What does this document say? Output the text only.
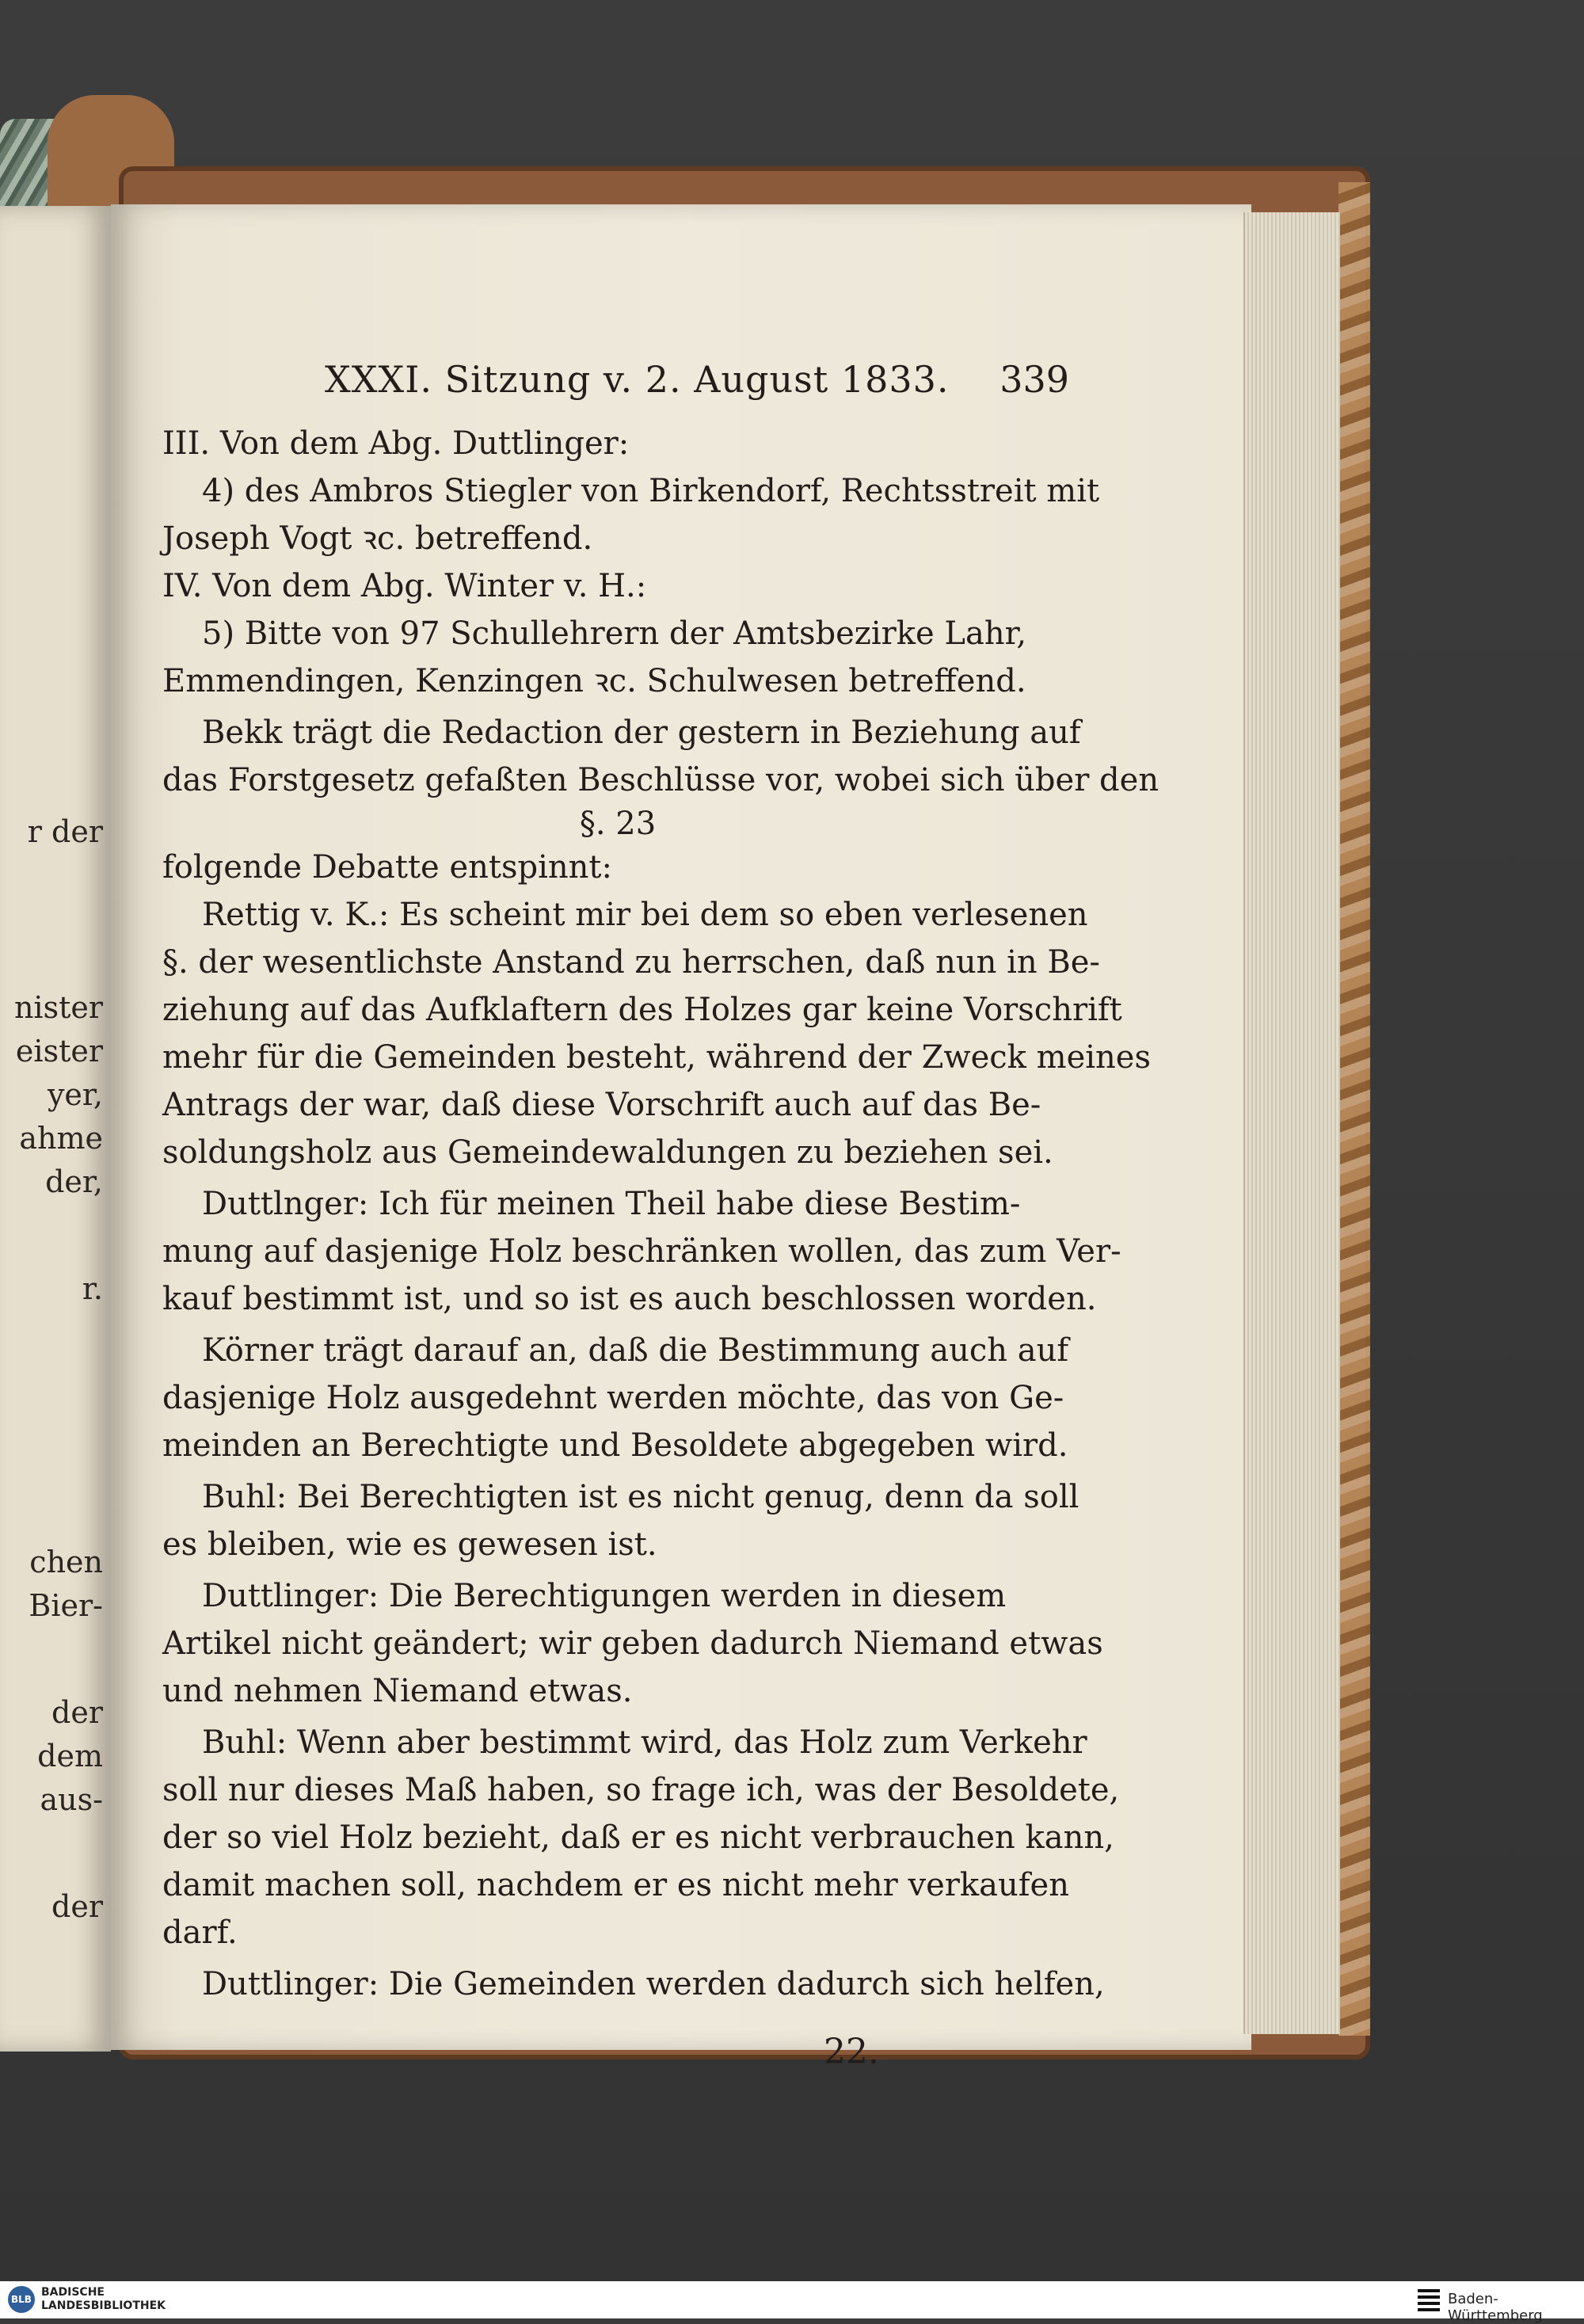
r der
nister
eister
yer,
ahme
der,
r.
chen
Bier-
der
dem
aus-
der
XXXI. Sitzung v. 2. August 1833. 339
III. Von dem Abg. Duttlinger:
4) des Ambros Stiegler von Birkendorf, Rechtsstreit mit
Joseph Vogt ꝛc. betreffend.
IV. Von dem Abg. Winter v. H.:
5) Bitte von 97 Schullehrern der Amtsbezirke Lahr,
Emmendingen, Kenzingen ꝛc. Schulwesen betreffend.
Bekk trägt die Redaction der gestern in Beziehung auf
das Forstgesetz gefaßten Beschlüsse vor, wobei sich über den
§. 23
folgende Debatte entspinnt:
Rettig v. K.: Es scheint mir bei dem so eben verlesenen
§. der wesentlichste Anstand zu herrschen, daß nun in Be-
ziehung auf das Aufklaftern des Holzes gar keine Vorschrift
mehr für die Gemeinden besteht, während der Zweck meines
Antrags der war, daß diese Vorschrift auch auf das Be-
soldungsholz aus Gemeindewaldungen zu beziehen sei.
Duttlnger: Ich für meinen Theil habe diese Bestim-
mung auf dasjenige Holz beschränken wollen, das zum Ver-
kauf bestimmt ist, und so ist es auch beschlossen worden.
Körner trägt darauf an, daß die Bestimmung auch auf
dasjenige Holz ausgedehnt werden möchte, das von Ge-
meinden an Berechtigte und Besoldete abgegeben wird.
Buhl: Bei Berechtigten ist es nicht genug, denn da soll
es bleiben, wie es gewesen ist.
Duttlinger: Die Berechtigungen werden in diesem
Artikel nicht geändert; wir geben dadurch Niemand etwas
und nehmen Niemand etwas.
Buhl: Wenn aber bestimmt wird, das Holz zum Verkehr
soll nur dieses Maß haben, so frage ich, was der Besoldete,
der so viel Holz bezieht, daß er es nicht verbrauchen kann,
damit machen soll, nachdem er es nicht mehr verkaufen
darf.
Duttlinger: Die Gemeinden werden dadurch sich helfen,
22.
BLB
BADISCHE
LANDESBIBLIOTHEK	Baden-Württemberg
